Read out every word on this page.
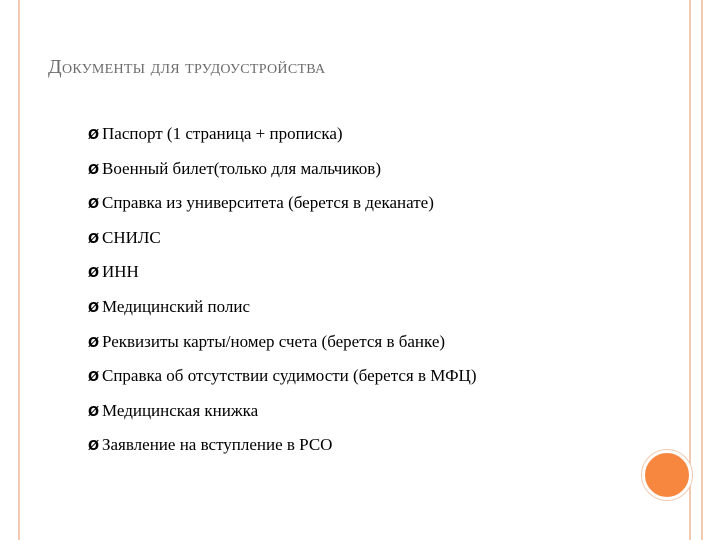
Документы для трудоустройства
Ø Паспорт (1 страница + прописка)
Ø Военный билет(только для мальчиков)
Ø Справка из университета (берется в деканате)
Ø СНИЛС
Ø ИНН
Ø Медицинский полис
Ø Реквизиты карты/номер счета (берется в банке)
Ø Справка об отсутствии судимости (берется в МФЦ)
Ø Медицинская книжка
Ø Заявление на вступление в РСО
